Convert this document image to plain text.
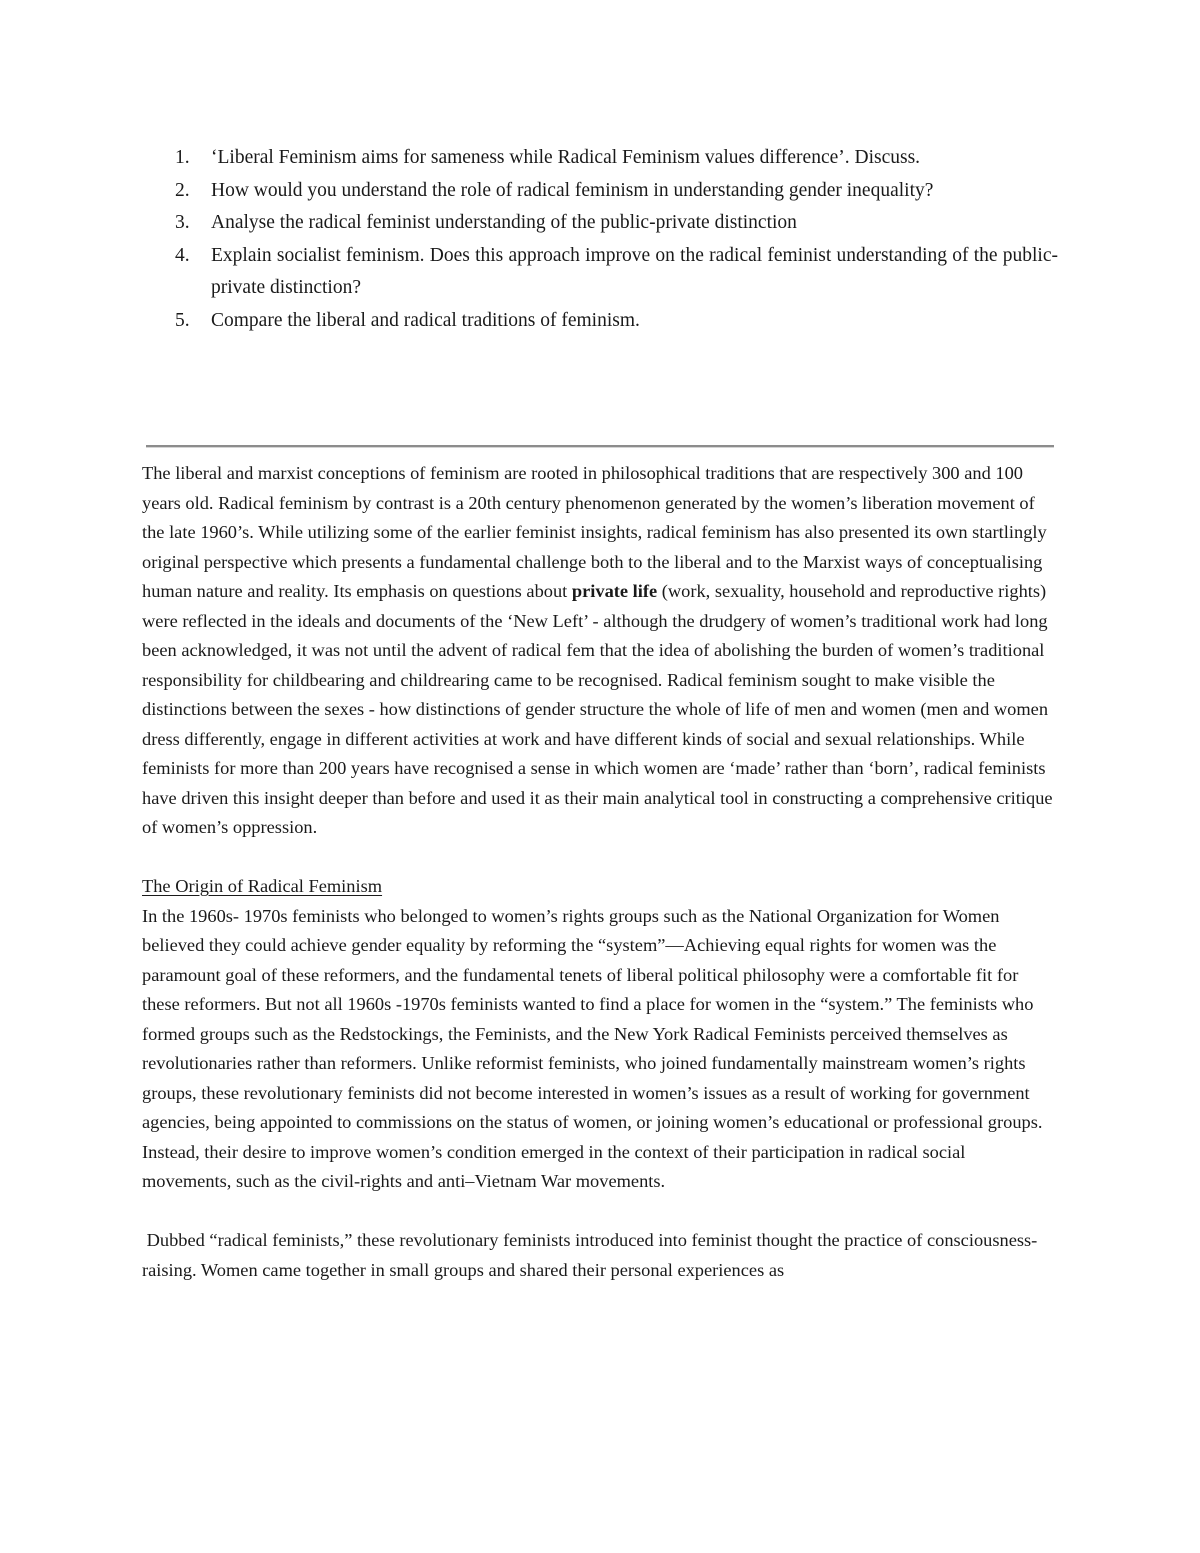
1. ‘Liberal Feminism aims for sameness while Radical Feminism values difference’. Discuss.
2. How would you understand the role of radical feminism in understanding gender inequality?
3. Analyse the radical feminist understanding of the public-private distinction
4. Explain socialist feminism. Does this approach improve on the radical feminist understanding of the public-private distinction?
5. Compare the liberal and radical traditions of feminism.

The liberal and marxist conceptions of feminism are rooted in philosophical traditions that are respectively 300 and 100 years old. Radical feminism by contrast is a 20th century phenomenon generated by the women’s liberation movement of the late 1960’s. While utilizing some of the earlier feminist insights, radical feminism has also presented its own startlingly original perspective which presents a fundamental challenge both to the liberal and to the Marxist ways of conceptualising human nature and reality. Its emphasis on questions about private life (work, sexuality, household and reproductive rights) were reflected in the ideals and documents of the ‘New Left’ - although the drudgery of women’s traditional work had long been acknowledged, it was not until the advent of radical fem that the idea of abolishing the burden of women’s traditional responsibility for childbearing and childrearing came to be recognised. Radical feminism sought to make visible the distinctions between the sexes - how distinctions of gender structure the whole of life of men and women (men and women dress differently, engage in different activities at work and have different kinds of social and sexual relationships. While feminists for more than 200 years have recognised a sense in which women are ‘made’ rather than ‘born’, radical feminists have driven this insight deeper than before and used it as their main analytical tool in constructing a comprehensive critique of women’s oppression.

The Origin of Radical Feminism

In the 1960s- 1970s feminists who belonged to women’s rights groups such as the National Organization for Women believed they could achieve gender equality by reforming the “system”—Achieving equal rights for women was the paramount goal of these reformers, and the fundamental tenets of liberal political philosophy were a comfortable fit for these reformers. But not all 1960s -1970s feminists wanted to find a place for women in the “system.” The feminists who formed groups such as the Redstockings, the Feminists, and the New York Radical Feminists perceived themselves as revolutionaries rather than reformers. Unlike reformist feminists, who joined fundamentally mainstream women’s rights groups, these revolutionary feminists did not become interested in women’s issues as a result of working for government agencies, being appointed to commissions on the status of women, or joining women’s educational or professional groups. Instead, their desire to improve women’s condition emerged in the context of their participation in radical social movements, such as the civil-rights and anti–Vietnam War movements.

Dubbed “radical feminists,” these revolutionary feminists introduced into feminist thought the practice of consciousness-raising. Women came together in small groups and shared their personal experiences as
